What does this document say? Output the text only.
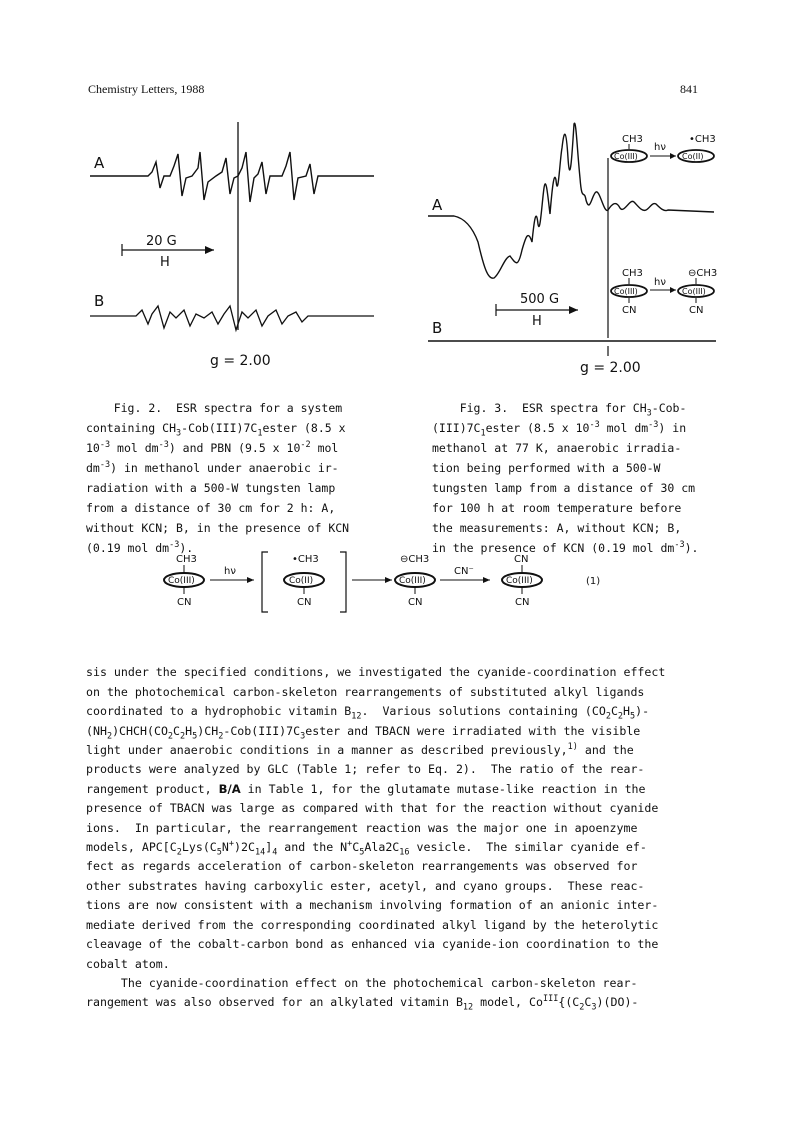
Chemistry Letters, 1988	841
A
20 G
H
B
g = 2.00
CH3
Co(III)
hν
•CH3
Co(II)
A
CH3
Co(III)
CN
hν
⊖CH3
Co(III)
CN
500 G
H
B
g = 2.00

Fig. 2.  ESR spectra for a system
containing $CH_3-Cob(III)7C_1ester$ (8.5 x
$10^{-3}$ mol $dm^{-3}$) and PBN (9.5 x $10^{-2}$ mol
$dm^{-3}$) in methanol under anaerobic ir-
radiation with a 500-W tungsten lamp
from a distance of 30 cm for 2 h: A,
without KCN; B, in the presence of KCN
(0.19 mol $dm^{-3}$).

Fig. 3.  ESR spectra for $CH_3-Cob-$
$(III)7C_1ester$ (8.5 x $10^{-3}$ mol $dm^{-3}$) in
methanol at 77 K, anaerobic irradia-
tion being performed with a 500-W
tungsten lamp from a distance of 30 cm
for 100 h at room temperature before
the measurements: A, without KCN; B,
in the presence of KCN (0.19 mol $dm^{-3}$).

CH3
Co(III)
CN
hν
•CH3
Co(II)
CN
⊖CH3
Co(III)
CN
CN⁻
CN
Co(III)
CN
(1)

sis under the specified conditions, we investigated the cyanide-coordination effect
on the photochemical carbon-skeleton rearrangements of substituted alkyl ligands
coordinated to a hydrophobic vitamin $B_{12}$.  Various solutions containing $(CO_2C_2H_5)-$
$(NH_2)CHCH(CO_2C_2H_5)CH_2-Cob(III)7C_3ester$ and TBACN were irradiated with the visible
light under anaerobic conditions in a manner as described previously,$^{1)}$ and the
products were analyzed by GLC (Table 1; refer to Eq. 2).  The ratio of the rear-
rangement product, B/A in Table 1, for the glutamate mutase-like reaction in the
presence of TBACN was large as compared with that for the reaction without cyanide
ions.  In particular, the rearrangement reaction was the major one in apoenzyme
models, $APC[C_2Lys(C_5N^+)2C_{14}]_4$ and the $N^+C_5Ala2C_{16}$ vesicle.  The similar cyanide ef-
fect as regards acceleration of carbon-skeleton rearrangements was observed for
other substrates having carboxylic ester, acetyl, and cyano groups.  These reac-
tions are now consistent with a mechanism involving formation of an anionic inter-
mediate derived from the corresponding coordinated alkyl ligand by the heterolytic
cleavage of the cobalt-carbon bond as enhanced via cyanide-ion coordination to the
cobalt atom.
The cyanide-coordination effect on the photochemical carbon-skeleton rear-
rangement was also observed for an alkylated vitamin $B_{12}$ model, $Co^{III}\{(C_2C_3)(DO)-$
